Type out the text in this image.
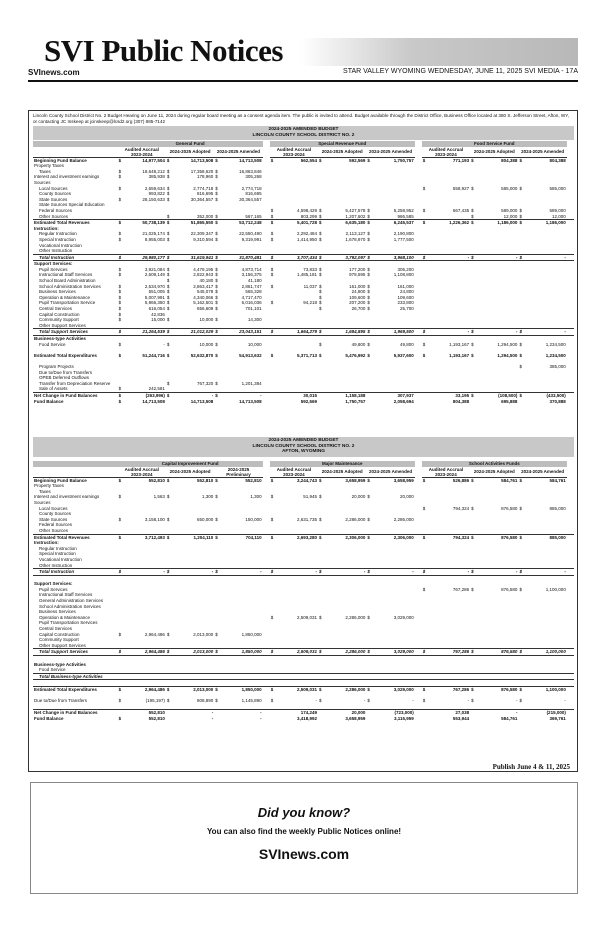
SVI Public Notices
SVInews.com	STAR VALLEY WYOMING WEDNESDAY, JUNE 11, 2025 SVI MEDIA - 17A
Lincoln County School District No. 2 Budget Hearing on June 11, 2024 during regular board meeting as a consent agenda item. The public is invited to attend. Budget available through the District Office, Business Office located at 380 S. Jefferson Street, Afton, WY, or contacting JC Inskeep at jcinskeep@lcsd2.org (307) 885-7142
2024-2025 AMENDED BUDGET
LINCOLN COUNTY SCHOOL DISTRICT NO. 2
	General Fund							Special Revenue Fund							Food Service Fund						
	Audited Accrual 2023-2024		2024-2025 Adopted		2024-2025 Amended			Audited Accrual 2023-2024		2024-2025 Adopted		2024-2025 Amended			Audited Accrual 2023-2024		2024-2025 Adopted		2024-2025 Amended		
Beginning Fund Balance	$	14,977,504	$	14,713,508	$	14,713,508		$	562,554	$	592,569	$	1,750,757		$	771,193	$	804,388	$	804,388	
Property Taxes																					
Taxes	$	18,648,212	$	17,358,620	$	16,863,846															
Interest and investment earnings	$	385,938	$	178,960	$	305,268															
Sources																					
Local Sources	$	2,659,634	$	2,774,718	$	2,774,718									$	558,927	$	585,000	$	585,000	
County Sources		993,822	$	816,695	$	816,695															
State Sources	$	28,150,633	$	30,364,557	$	30,364,557															
State Sources Special Education																					
Federal Sources								$	4,598,429	$	5,427,578	$	5,258,952		$	667,435	$	589,000	$	589,000	
Other Sources			$	352,000	$	567,165		$	803,299	$	1,207,602	$	986,585				$	12,000	$	12,000	
Estimated Total Revenues	$	50,738,139	$	51,865,550	$	53,712,248		$	5,401,728	$	6,635,180	$	6,245,537		$	1,226,362	$	1,186,000	$	1,186,000	
Instruction:																					
Regular Instruction	$	21,025,174	$	22,309,347	$	22,550,490		$	2,292,484	$	2,113,127	$	2,190,800								
Special Instruction	$	8,955,003	$	9,310,594	$	9,319,991		$	1,414,950	$	1,678,970	$	1,777,500								
Vocational Instruction																					
Other Instruction																					
Total Instruction	$	29,980,177	$	31,619,941	$	31,870,481		$	3,707,434	$	3,792,097	$	3,968,100		$	-	$	-	$	-	
Support Services:																					
Pupil Services	$	3,921,084	$	4,479,195	$	4,873,714		$	73,833	$	177,200	$	305,200								
Instructional Staff Services	$	2,609,149	$	2,822,943	$	3,156,375		$	1,485,181	$	978,595	$	1,108,800								
School Board Administration			$	40,180	$	41,180															
School Administration Services	$	2,534,970	$	2,863,417	$	2,861,747		$	11,037	$	161,000	$	161,000								
Business Services	$	551,005	$	545,078	$	565,328				$	24,800	$	24,800								
Operation & Maintenance	$	5,007,991	$	4,340,066	$	4,717,470				$	109,600	$	109,600								
Pupil Transportation Service	$	5,966,350	$	5,162,501	$	6,016,036		$	94,218	$	207,200	$	233,800								
Central Services	$	616,054	$	656,609	$	701,101				$	26,700	$	25,700								
Capital Construction	$	42,836																			
Community Support	$	15,000	$	10,000	$	14,300															
Other Support Services																					
Total Support Services	$	21,264,539	$	21,012,029	$	23,043,151		$	1,664,279	$	1,684,895	$	1,969,500		$	-	$	-	$	-	
Business-type Activities																					
Food Service	$	-	$	10,000	$	10,000				$	49,800	$	49,800		$	1,193,167	$	1,294,500	$	1,234,500	

Estimated Total Expenditures	$	51,244,716	$	52,632,870	$	54,913,632		$	5,371,713	$	5,476,992	$	5,937,600		$	1,193,167	$	1,294,500	$	1,234,500	

Program Projects																			$	385,000	
Due to/Due from Transfers																					
OPEB Deferred Outflows																					
Transfer from Depreciation Reserve			$	767,320	$	1,201,384															
Sale of Assets	$	242,581																			
Net Change in Fund Balances	$	(263,996)	$	-	$	-			30,015		1,158,188		307,937			33,195	$	(108,500)	$	(433,500)	
Fund Balance	$	14,713,508		14,713,508		14,713,508			592,569		1,750,757		2,058,694			804,388		695,888		370,888	
2024-2025 AMENDED BUDGET
LINCOLN COUNTY SCHOOL DISTRICT NO. 2
AFTON, WYOMING
	Capital Improvement Fund							Major Maintenance							School Activities Funds						
	Audited Accrual 2023-2024		2024-2025 Adopted		2024-2025 Preliminary			Audited Accrual 2023-2024		2024-2025 Adopted		2024-2025 Amended			Audited Accrual 2023-2024		2024-2025 Adopted		2024-2025 Amended		
Beginning Fund Balance	$	552,810	$	552,810	$	552,810		$	3,244,743	$	3,658,959	$	3,658,959		$	526,886	$	584,761	$	584,761	
Property Taxes																					
Taxes																					
Interest and investment earnings	$	1,563	$	1,300	$	1,300		$	51,945	$	20,000	$	20,000								
Sources																					
Local Sources															$	794,324	$	876,580	$	885,000	
County Sources																					
State Sources	$	3,158,100	$	650,000	$	150,000		$	2,631,735	$	2,286,000	$	2,286,000								
Federal Sources																					
Other Sources																					
Estimated Total Revenues	$	3,712,493	$	1,204,110	$	704,110		$	2,693,280	$	2,306,000	$	2,306,000		$	794,324	$	876,580	$	885,000	
Instruction:																					
Regular Instruction																					
Special Instruction																					
Vocational Instruction																					
Other Instruction																					
Total Instruction	$	-	$	-	$	-		$	-	$	-	$	-		$	-	$	-	$	-	

Support Services:																					
Pupil Services															$	767,286	$	876,580	$	1,100,000	
Instructional Staff Services																					
General Administration Services																					
School Administration Services																					
Business Services																					
Operation & Maintenance								$	2,509,031	$	2,286,000	$	3,029,000								
Pupil Transportation Services																					
Central Services																					
Capital Construction	$	2,964,486	$	2,013,000	$	1,850,000															
Community Support																					
Other Support Services																					
Total Support Services	$	2,964,486	$	2,013,000	$	1,850,000		$	2,509,031	$	2,286,000	$	3,029,000		$	767,286	$	876,580	$	1,100,000	

Business-type Activities																					
Food Service																					
Total Business-type Activities																					

Estimated Total Expenditures	$	2,964,486	$	2,013,000	$	1,850,000		$	2,509,031	$	2,286,000	$	3,029,000		$	767,286	$	876,580	$	1,100,000	

Due to/Due from Transfers	$	(195,197)	$	808,890	$	1,145,890		$	-	$	-	$	-		$	-	$	-	$	-	

Net Change in Fund Balances		552,810		-		-			174,249		20,000		(723,000)			27,038		-		(215,000)	
Fund Balance	$	552,810		-		-			3,418,992		3,658,959		3,115,959			553,944		584,761		369,761	
Publish June 4 & 11, 2025
Did you know?
You can also find the weekly Public Notices online!
SVInews.com
